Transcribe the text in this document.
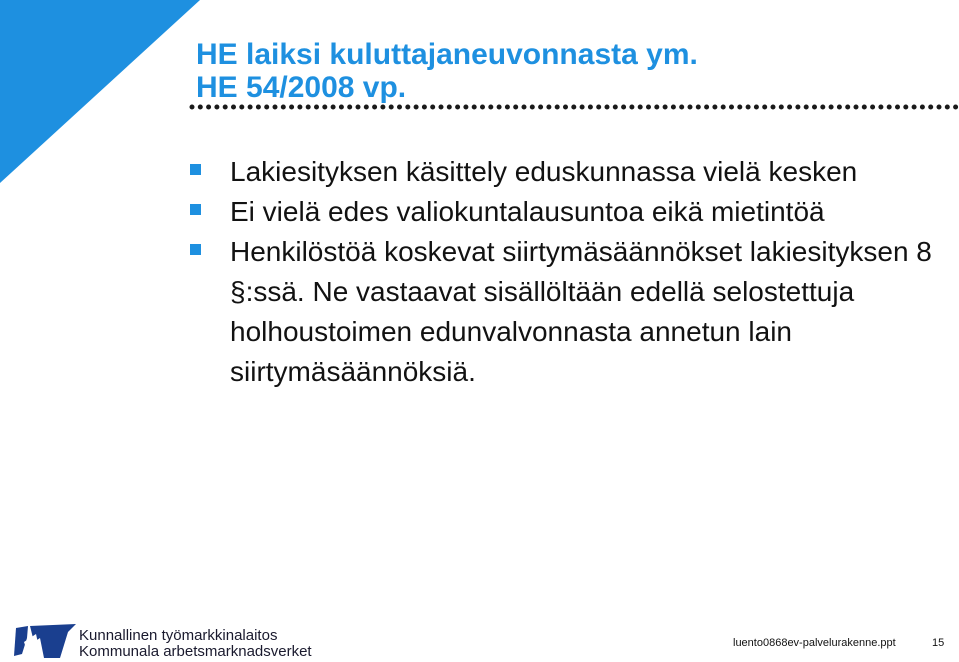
HE laiksi kuluttajaneuvonnasta ym.
HE 54/2008 vp.
Lakiesityksen käsittely eduskunnassa vielä kesken
Ei vielä edes valiokuntalausuntoa eikä mietintöä
Henkilöstöä koskevat siirtymäsäännökset lakiesityksen 8 §:ssä. Ne vastaavat sisällöltään edellä selostettuja holhoustoimen edunvalvonnasta annetun lain siirtymäsäännöksiä.
Kunnallinen työmarkkinalaitos
Kommunala arbetsmarknadsverket	luento0868ev-palvelurakenne.ppt	15
